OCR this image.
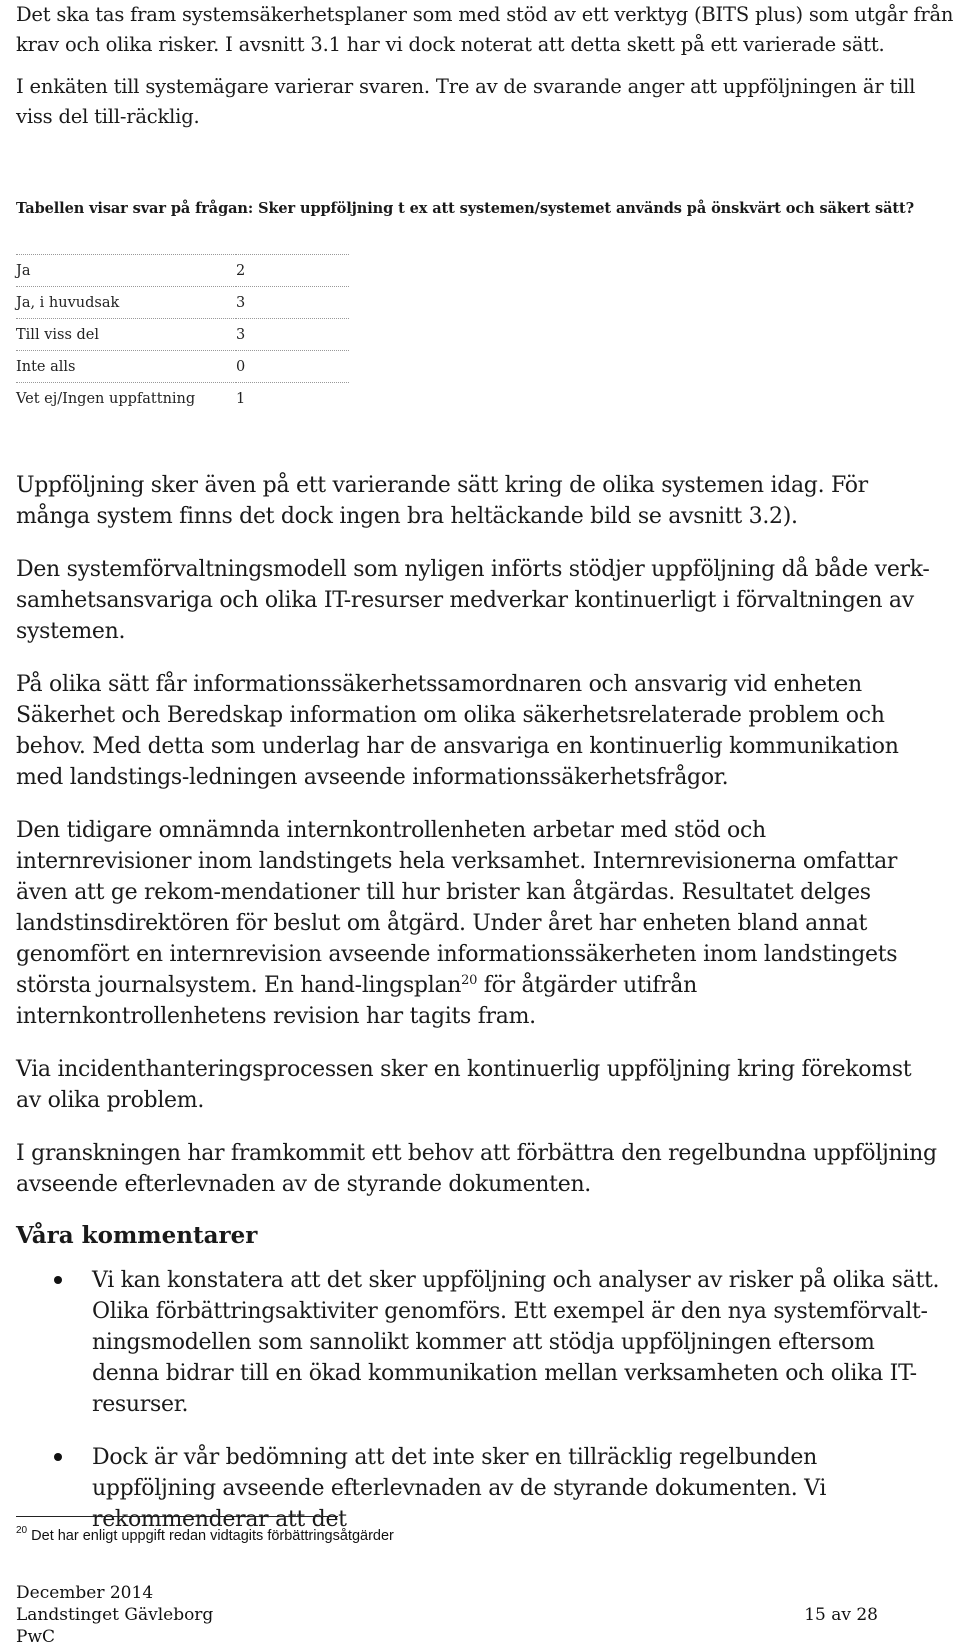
Det ska tas fram systemsäkerhetsplaner som med stöd av ett verktyg (BITS plus) som utgår från krav och olika risker. I avsnitt 3.1 har vi dock noterat att detta skett på ett varierade sätt.

I enkäten till systemägare varierar svaren. Tre av de svarande anger att uppföljningen är till viss del till-räcklig.

Tabellen visar svar på frågan: Sker uppföljning t ex att systemen/systemet används på önskvärt och säkert sätt?
Ja	2
Ja, i huvudsak	3
Till viss del	3
Inte alls	0
Vet ej/Ingen uppfattning	1

Uppföljning sker även på ett varierande sätt kring de olika systemen idag. För många system finns det dock ingen bra heltäckande bild se avsnitt 3.2).

Den systemförvaltningsmodell som nyligen införts stödjer uppföljning då både verk-samhetsansvariga och olika IT-resurser medverkar kontinuerligt i förvaltningen av systemen.

På olika sätt får informationssäkerhetssamordnaren och ansvarig vid enheten Säkerhet och Beredskap information om olika säkerhetsrelaterade problem och behov. Med detta som underlag har de ansvariga en kontinuerlig kommunikation med landstings-ledningen avseende informationssäkerhetsfrågor.

Den tidigare omnämnda internkontrollenheten arbetar med stöd och internrevisioner inom landstingets hela verksamhet. Internrevisionerna omfattar även att ge rekom-mendationer till hur brister kan åtgärdas. Resultatet delges landstinsdirektören för beslut om åtgärd. Under året har enheten bland annat genomfört en internrevision avseende informationssäkerheten inom landstingets största journalsystem. En hand-lingsplan$^{20}$ för åtgärder utifrån internkontrollenhetens revision har tagits fram.

Via incidenthanteringsprocessen sker en kontinuerlig uppföljning kring förekomst av olika problem.

I granskningen har framkommit ett behov att förbättra den regelbundna uppföljning avseende efterlevnaden av de styrande dokumenten.

Våra kommentarer
Vi kan konstatera att det sker uppföljning och analyser av risker på olika sätt. Olika förbättringsaktiviter genomförs. Ett exempel är den nya systemförvalt-ningsmodellen som sannolikt kommer att stödja uppföljningen eftersom denna bidrar till en ökad kommunikation mellan verksamheten och olika IT-resurser.
Dock är vår bedömning att det inte sker en tillräcklig regelbunden uppföljning avseende efterlevnaden av de styrande dokumenten. Vi rekommenderar att det
$^{20}$ Det har enligt uppgift redan vidtagits förbättringsåtgärder
December 2014
Landstinget Gävleborg
PwC
15 av 28
